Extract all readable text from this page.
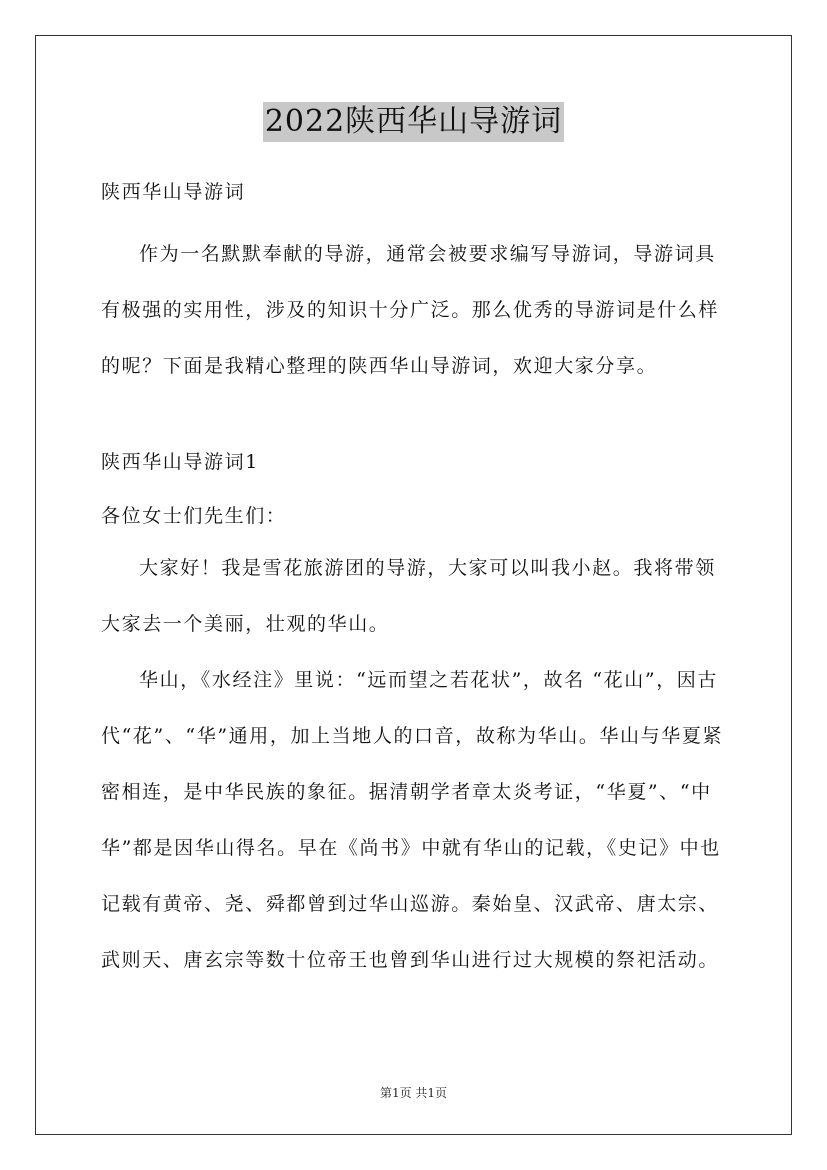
2022陕西华山导游词

陕西华山导游词

作为一名默默奉献的导游，通常会被要求编写导游词，导游词具有极强的实用性，涉及的知识十分广泛。那么优秀的导游词是什么样的呢？下面是我精心整理的陕西华山导游词，欢迎大家分享。

陕西华山导游词1

各位女士们先生们：

大家好！我是雪花旅游团的导游，大家可以叫我小赵。我将带领大家去一个美丽，壮观的华山。

华山，《水经注》里说：“远而望之若花状”，故名 “花山”，因古代“花”、“华”通用，加上当地人的口音，故称为华山。华山与华夏紧密相连，是中华民族的象征。据清朝学者章太炎考证，“华夏”、“中华”都是因华山得名。早在《尚书》中就有华山的记载，《史记》中也记载有黄帝、尧、舜都曾到过华山巡游。秦始皇、汉武帝、唐太宗、武则天、唐玄宗等数十位帝王也曾到华山进行过大规模的祭祀活动。

第1页 共1页
